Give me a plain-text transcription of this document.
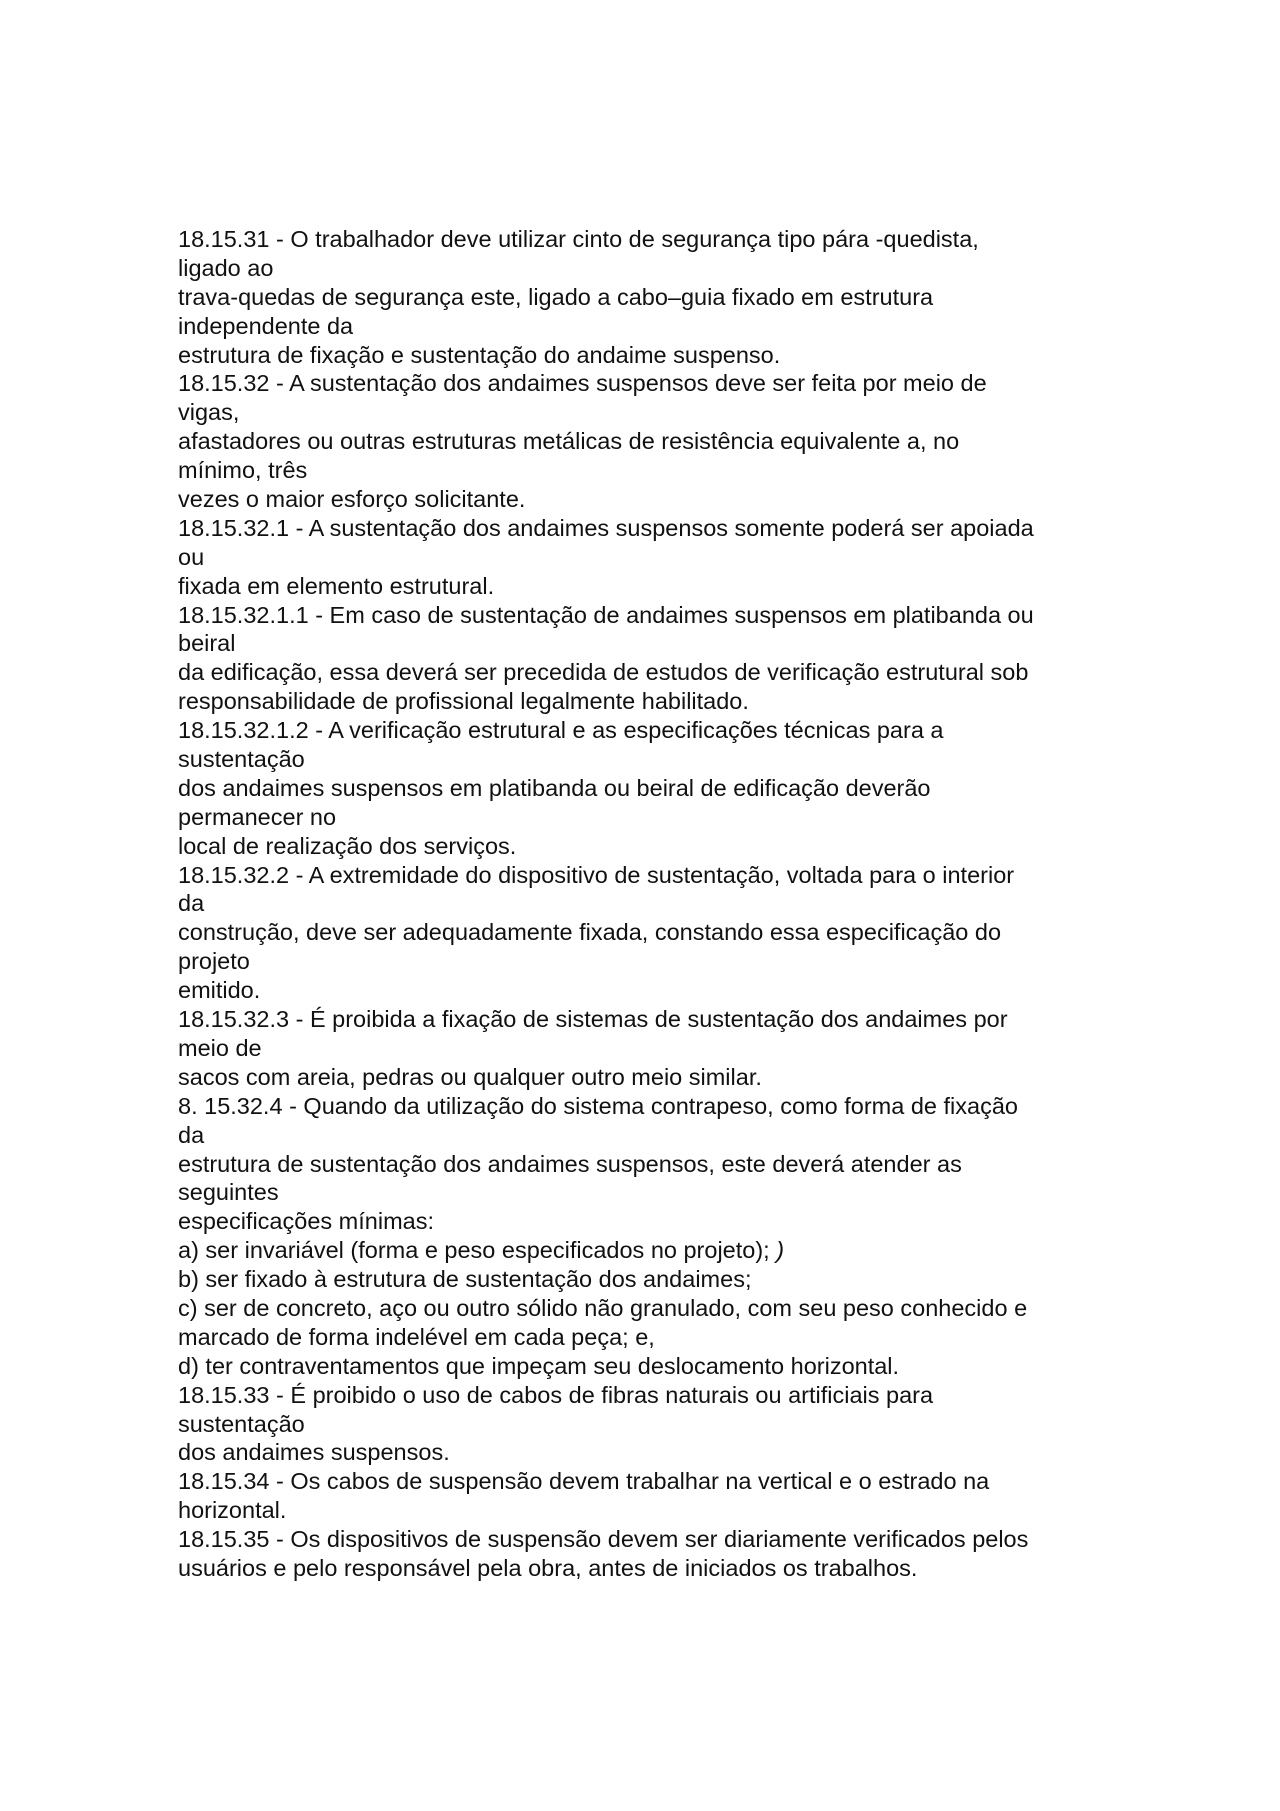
18.15.31 - O trabalhador deve utilizar cinto de segurança tipo pára -quedista,
ligado ao
trava-quedas de segurança este, ligado a cabo–guia fixado em estrutura
independente da
estrutura de fixação e sustentação do andaime suspenso.
18.15.32 - A sustentação dos andaimes suspensos deve ser feita por meio de
vigas,
afastadores ou outras estruturas metálicas de resistência equivalente a, no
mínimo, três
vezes o maior esforço solicitante.
18.15.32.1 - A sustentação dos andaimes suspensos somente poderá ser apoiada
ou
fixada em elemento estrutural.
18.15.32.1.1 - Em caso de sustentação de andaimes suspensos em platibanda ou
beiral
da edificação, essa deverá ser precedida de estudos de verificação estrutural sob
responsabilidade de profissional legalmente habilitado.
18.15.32.1.2 - A verificação estrutural e as especificações técnicas para a
sustentação
dos andaimes suspensos em platibanda ou beiral de edificação deverão
permanecer no
local de realização dos serviços.
18.15.32.2 - A extremidade do dispositivo de sustentação, voltada para o interior
da
construção, deve ser adequadamente fixada, constando essa especificação do
projeto
emitido.
18.15.32.3 - É proibida a fixação de sistemas de sustentação dos andaimes por
meio de
sacos com areia, pedras ou qualquer outro meio similar.
8. 15.32.4 - Quando da utilização do sistema contrapeso, como forma de fixação
da
estrutura de sustentação dos andaimes suspensos, este deverá atender as
seguintes
especificações mínimas:
a) ser invariável (forma e peso especificados no projeto); )
b) ser fixado à estrutura de sustentação dos andaimes;
c) ser de concreto, aço ou outro sólido não granulado, com seu peso conhecido e
marcado de forma indelével em cada peça; e,
d) ter contraventamentos que impeçam seu deslocamento horizontal.
18.15.33 - É proibido o uso de cabos de fibras naturais ou artificiais para
sustentação
dos andaimes suspensos.
18.15.34 - Os cabos de suspensão devem trabalhar na vertical e o estrado na
horizontal.
18.15.35 - Os dispositivos de suspensão devem ser diariamente verificados pelos
usuários e pelo responsável pela obra, antes de iniciados os trabalhos.
